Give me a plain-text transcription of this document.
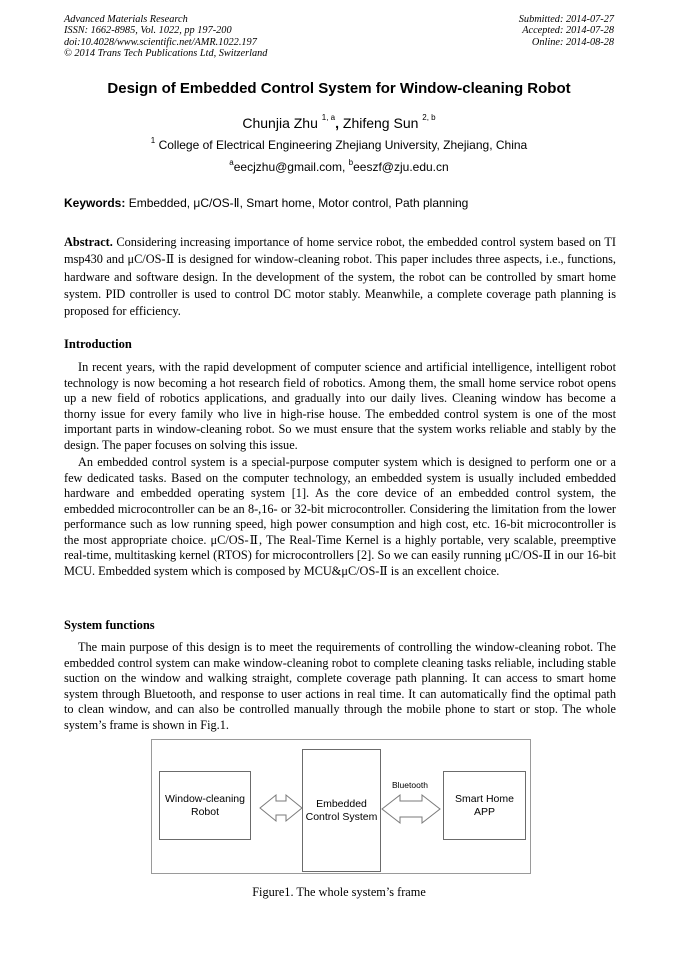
Advanced Materials Research
ISSN: 1662-8985, Vol. 1022, pp 197-200
doi:10.4028/www.scientific.net/AMR.1022.197
© 2014 Trans Tech Publications Ltd, Switzerland
Submitted: 2014-07-27
Accepted: 2014-07-28
Online: 2014-08-28
Design of Embedded Control System for Window-cleaning Robot
Chunjia Zhu $^{1, a}$, Zhifeng Sun $^{2, b}$
$^1$ College of Electrical Engineering Zhejiang University, Zhejiang, China
$^a$eecjzhu@gmail.com, $^b$eeszf@zju.edu.cn
Keywords: Embedded, μC/OS-Ⅱ, Smart home, Motor control, Path planning
Abstract. Considering increasing importance of home service robot, the embedded control system based on TI msp430 and μC/OS-Ⅱ is designed for window-cleaning robot. This paper includes three aspects, i.e., functions, hardware and software design. In the development of the system, the robot can be controlled by smart home system. PID controller is used to control DC motor stably. Meanwhile, a complete coverage path planning is proposed for efficiency.
Introduction

In recent years, with the rapid development of computer science and artificial intelligence, intelligent robot technology is now becoming a hot research field of robotics. Among them, the small home service robot opens up a new field of robotics applications, and gradually into our daily lives. Cleaning window has become a thorny issue for every family who live in high-rise house. The embedded control system is one of the most important parts in window-cleaning robot. So we must ensure that the system works reliable and stably by the design. The paper focuses on solving this issue.

An embedded control system is a special-purpose computer system which is designed to perform one or a few dedicated tasks. Based on the computer technology, an embedded system is usually included embedded hardware and embedded operating system [1]. As the core device of an embedded control system, the embedded microcontroller can be an 8-,16- or 32-bit microcontroller. Considering the limitation from the lower performance such as low running speed, high power consumption and high cost, etc. 16-bit microcontroller is the most appropriate choice. μC/OS-Ⅱ, The Real-Time Kernel is a highly portable, very scalable, preemptive real-time, multitasking kernel (RTOS) for microcontrollers [2]. So we can easily running μC/OS-Ⅱ in our 16-bit MCU. Embedded system which is composed by MCU&μC/OS-Ⅱ is an excellent choice.

System functions

The main purpose of this design is to meet the requirements of controlling the window-cleaning robot. The embedded control system can make window-cleaning robot to complete cleaning tasks reliable, including stable suction on the window and walking straight, complete coverage path planning. It can access to smart home system through Bluetooth, and response to user actions in real time. It can automatically find the optimal path to clean window, and can also be controlled manually through the mobile phone to start or stop. The whole system’s frame is shown in Fig.1.

Window-cleaning Robot
Embedded Control System
Smart Home APP
Bluetooth
Figure1. The whole system’s frame
